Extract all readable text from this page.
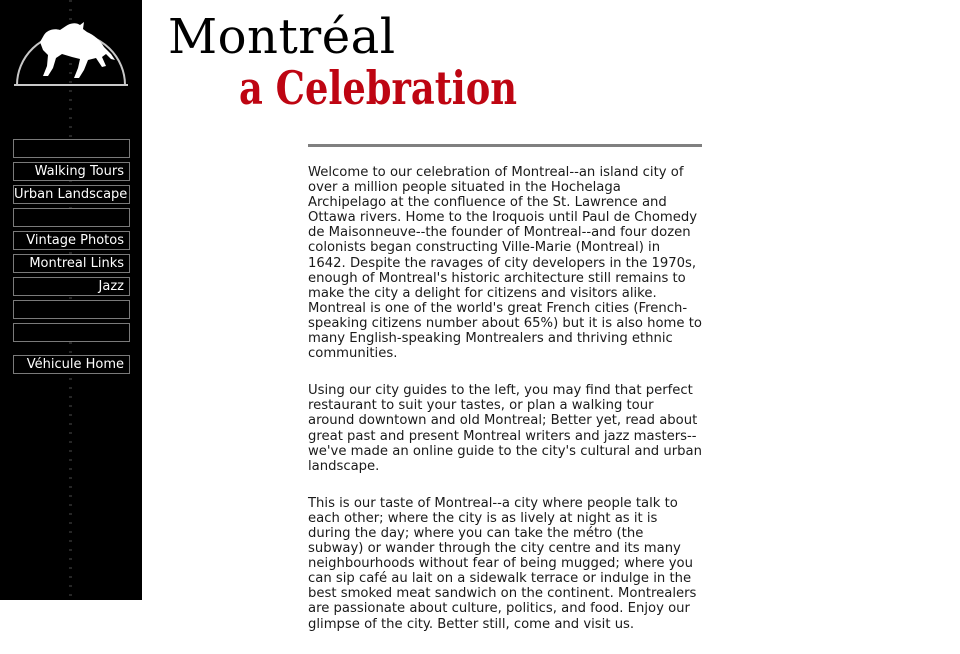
Walking Tours
Urban Landscape
Vintage Photos
Montreal Links
Jazz
Véhicule Home
Montréal
a Celebration

Welcome to our celebration of Montreal--an island city of over a million people situated in the Hochelaga Archipelago at the confluence of the St. Lawrence and Ottawa rivers. Home to the Iroquois until Paul de Chomedy de Maisonneuve--the founder of Montreal--and four dozen colonists began constructing Ville-Marie (Montreal) in 1642. Despite the ravages of city developers in the 1970s, enough of Montreal's historic architecture still remains to make the city a delight for citizens and visitors alike. Montreal is one of the world's great French cities (French-speaking citizens number about 65%) but it is also home to many English-speaking Montrealers and thriving ethnic communities.

Using our city guides to the left, you may find that perfect restaurant to suit your tastes, or plan a walking tour around downtown and old Montreal; Better yet, read about great past and present Montreal writers and jazz masters--we've made an online guide to the city's cultural and urban landscape.

This is our taste of Montreal--a city where people talk to each other; where the city is as lively at night as it is during the day; where you can take the métro (the subway) or wander through the city centre and its many neighbourhoods without fear of being mugged; where you can sip café au lait on a sidewalk terrace or indulge in the best smoked meat sandwich on the continent. Montrealers are passionate about culture, politics, and food. Enjoy our glimpse of the city. Better still, come and visit us.
